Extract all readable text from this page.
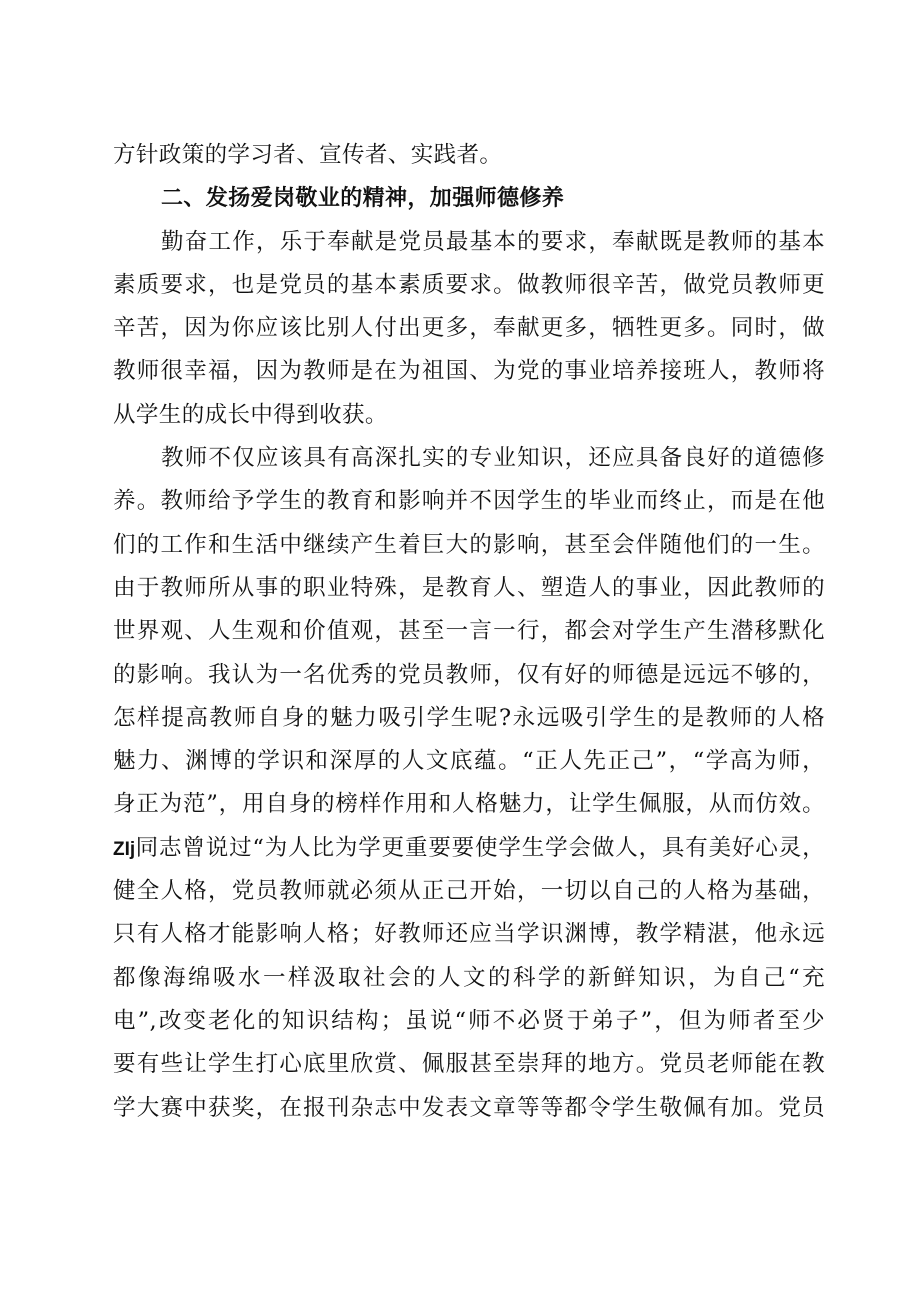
方针政策的学习者、宣传者、实践者。
二、发扬爱岗敬业的精神，加强师德修养
勤奋工作，乐于奉献是党员最基本的要求，奉献既是教师的基本
素质要求，也是党员的基本素质要求。做教师很辛苦，做党员教师更
辛苦，因为你应该比别人付出更多，奉献更多，牺牲更多。同时，做
教师很幸福，因为教师是在为祖国、为党的事业培养接班人，教师将
从学生的成长中得到收获。
教师不仅应该具有高深扎实的专业知识，还应具备良好的道德修
养。教师给予学生的教育和影响并不因学生的毕业而终止，而是在他
们的工作和生活中继续产生着巨大的影响，甚至会伴随他们的一生。
由于教师所从事的职业特殊，是教育人、塑造人的事业，因此教师的
世界观、人生观和价值观，甚至一言一行，都会对学生产生潜移默化
的影响。我认为一名优秀的党员教师，仅有好的师德是远远不够的，
怎样提高教师自身的魅力吸引学生呢?永远吸引学生的是教师的人格
魅力、渊博的学识和深厚的人文底蕴。“正人先正己”，“学高为师，
身正为范”，用自身的榜样作用和人格魅力，让学生佩服，从而仿效。
ZIj同志曾说过“为人比为学更重要要使学生学会做人，具有美好心灵，
健全人格，党员教师就必须从正己开始，一切以自己的人格为基础，
只有人格才能影响人格；好教师还应当学识渊博，教学精湛，他永远
都像海绵吸水一样汲取社会的人文的科学的新鲜知识，为自己“充
电”,改变老化的知识结构；虽说“师不必贤于弟子”，但为师者至少
要有些让学生打心底里欣赏、佩服甚至崇拜的地方。党员老师能在教
学大赛中获奖，在报刊杂志中发表文章等等都令学生敬佩有加。党员
